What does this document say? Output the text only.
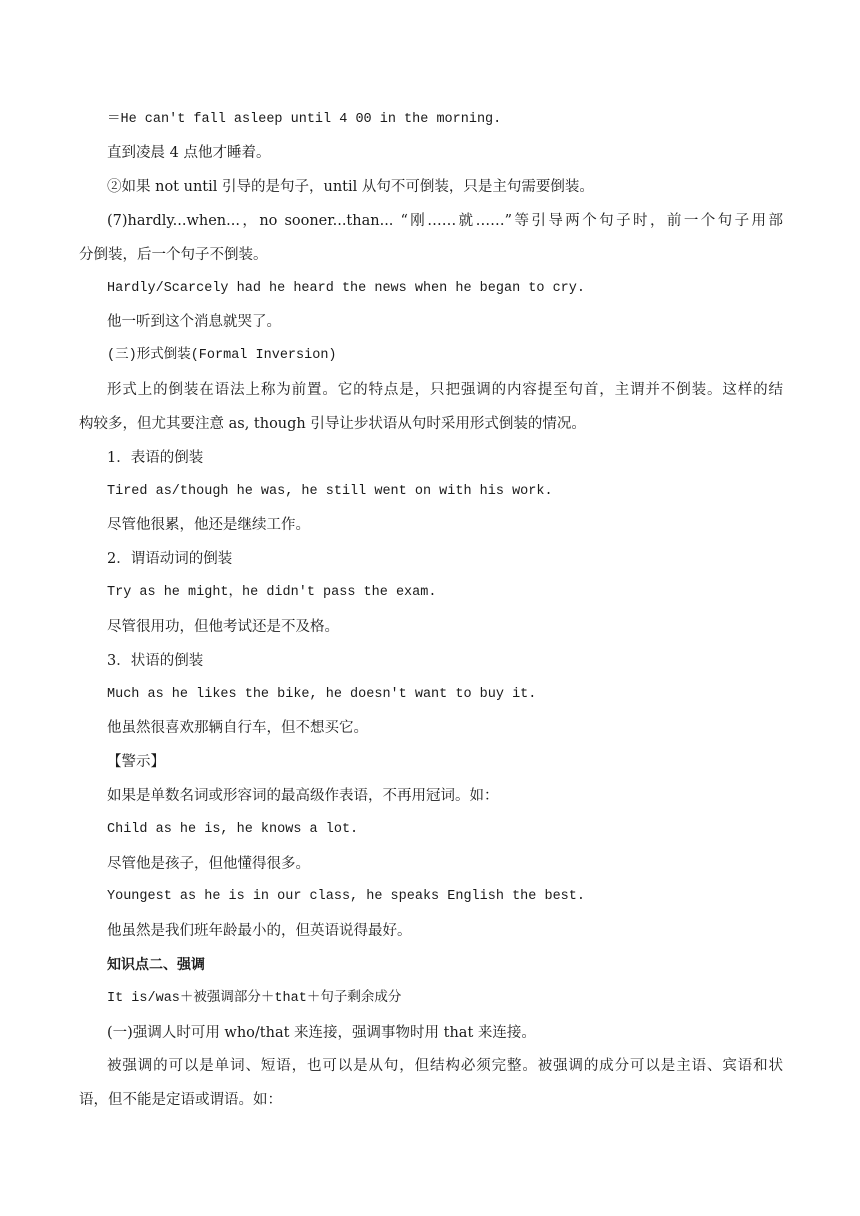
＝He can't fall asleep until 4 00 in the morning.
直到凌晨 4 点他才睡着。
②如果 not until 引导的是句子，until 从句不可倒装，只是主句需要倒装。
(7)hardly...when...，no sooner...than... “刚……就……”等引导两个句子时，前一个句子用部
分倒装，后一个句子不倒装。
Hardly/Scarcely had he heard the news when he began to cry.
他一听到这个消息就哭了。
(三)形式倒装(Formal Inversion)
形式上的倒装在语法上称为前置。它的特点是，只把强调的内容提至句首，主谓并不倒装。这样的结
构较多，但尤其要注意 as, though 引导让步状语从句时采用形式倒装的情况。
1．表语的倒装
Tired as/though he was, he still went on with his work.
尽管他很累，他还是继续工作。
2．谓语动词的倒装
Try as he might，he didn't pass the exam.
尽管很用功，但他考试还是不及格。
3．状语的倒装
Much as he likes the bike, he doesn't want to buy it.
他虽然很喜欢那辆自行车，但不想买它。
【警示】
如果是单数名词或形容词的最高级作表语，不再用冠词。如：
Child as he is, he knows a lot.
尽管他是孩子，但他懂得很多。
Youngest as he is in our class, he speaks English the best.
他虽然是我们班年龄最小的，但英语说得最好。
知识点二、强调
It is/was＋被强调部分＋that＋句子剩余成分
(一)强调人时可用 who/that 来连接，强调事物时用 that 来连接。
被强调的可以是单词、短语，也可以是从句，但结构必须完整。被强调的成分可以是主语、宾语和状
语，但不能是定语或谓语。如：
